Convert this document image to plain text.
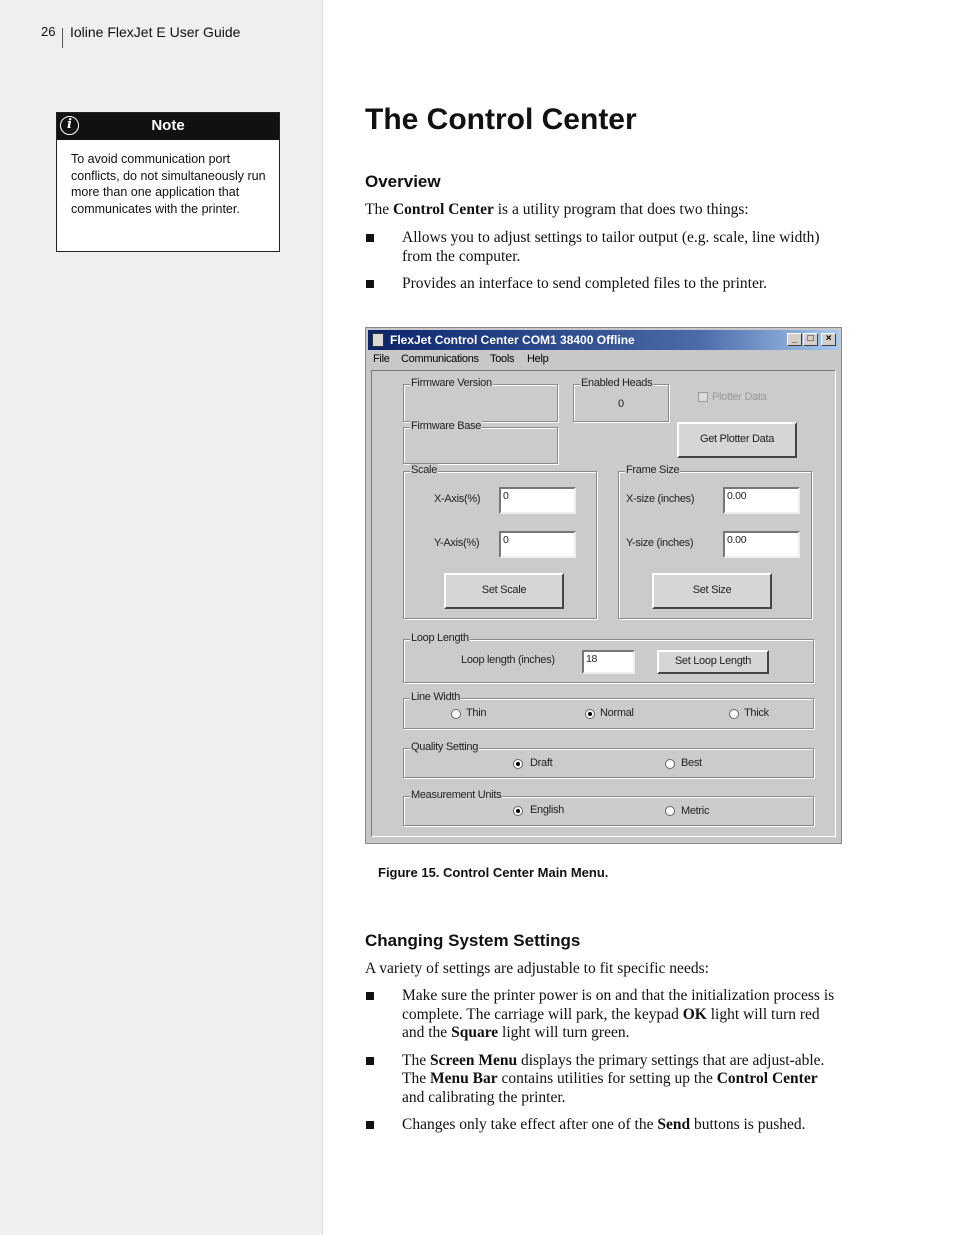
26 Ioline FlexJet E User Guide
i	Note
To avoid communication port conflicts, do not simultaneously run more than one application that communicates with the printer.
The Control Center
Overview

The Control Center is a utility program that does two things:

Allows you to adjust settings to tailor output (e.g. scale, line width) from the computer.
Provides an interface to send completed files to the printer.
FlexJet Control Center COM1 38400 Offline	_	□	×
File Communications Tools Help
Firmware Version	Enabled Heads
0
Plotter Data
Firmware Base
Get Plotter Data
Scale
X-Axis(%)	0
Y-Axis(%)	0
Set Scale
Frame Size
X-size (inches)	0.00
Y-size (inches)	0.00
Set Size
Loop Length
Loop length (inches)	18	Set Loop Length
Line Width
Thin	Normal	Thick
Quality Setting
Draft	Best
Measurement Units
English	Metric
Figure 15. Control Center Main Menu.
Changing System Settings

A variety of settings are adjustable to fit specific needs:

Make sure the printer power is on and that the initialization process is complete. The carriage will park, the keypad OK light will turn red and the Square light will turn green.
The Screen Menu displays the primary settings that are adjust-able. The Menu Bar contains utilities for setting up the Control Center and calibrating the printer.
Changes only take effect after one of the Send buttons is pushed.
